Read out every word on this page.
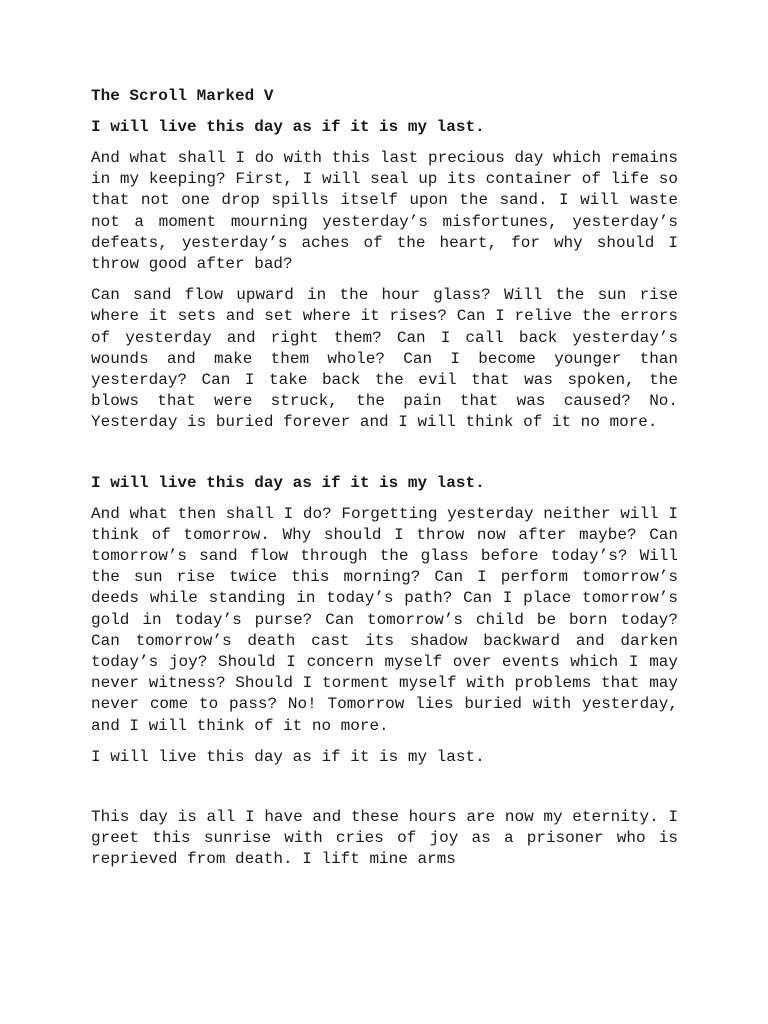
The Scroll Marked V
I will live this day as if it is my last.
And what shall I do with this last precious day which remains in my keeping? First, I will seal up its container of life so that not one drop spills itself upon the sand. I will waste not a moment mourning yesterday’s misfortunes, yesterday’s defeats, yesterday’s aches of the heart, for why should I throw good after bad?
Can sand flow upward in the hour glass? Will the sun rise where it sets and set where it rises? Can I relive the errors of yesterday and right them? Can I call back yesterday’s wounds and make them whole? Can I become younger than yesterday? Can I take back the evil that was spoken, the blows that were struck, the pain that was caused? No. Yesterday is buried forever and I will think of it no more.
I will live this day as if it is my last.
And what then shall I do? Forgetting yesterday neither will I think of tomorrow. Why should I throw now after maybe? Can tomorrow’s sand flow through the glass before today’s? Will the sun rise twice this morning? Can I perform tomorrow’s deeds while standing in today’s path? Can I place tomorrow’s gold in today’s purse? Can tomorrow’s child be born today? Can tomorrow’s death cast its shadow backward and darken today’s joy? Should I concern myself over events which I may never witness? Should I torment myself with problems that may never come to pass? No! Tomorrow lies buried with yesterday, and I will think of it no more.
I will live this day as if it is my last.
This day is all I have and these hours are now my eternity. I greet this sunrise with cries of joy as a prisoner who is reprieved from death. I lift mine arms
